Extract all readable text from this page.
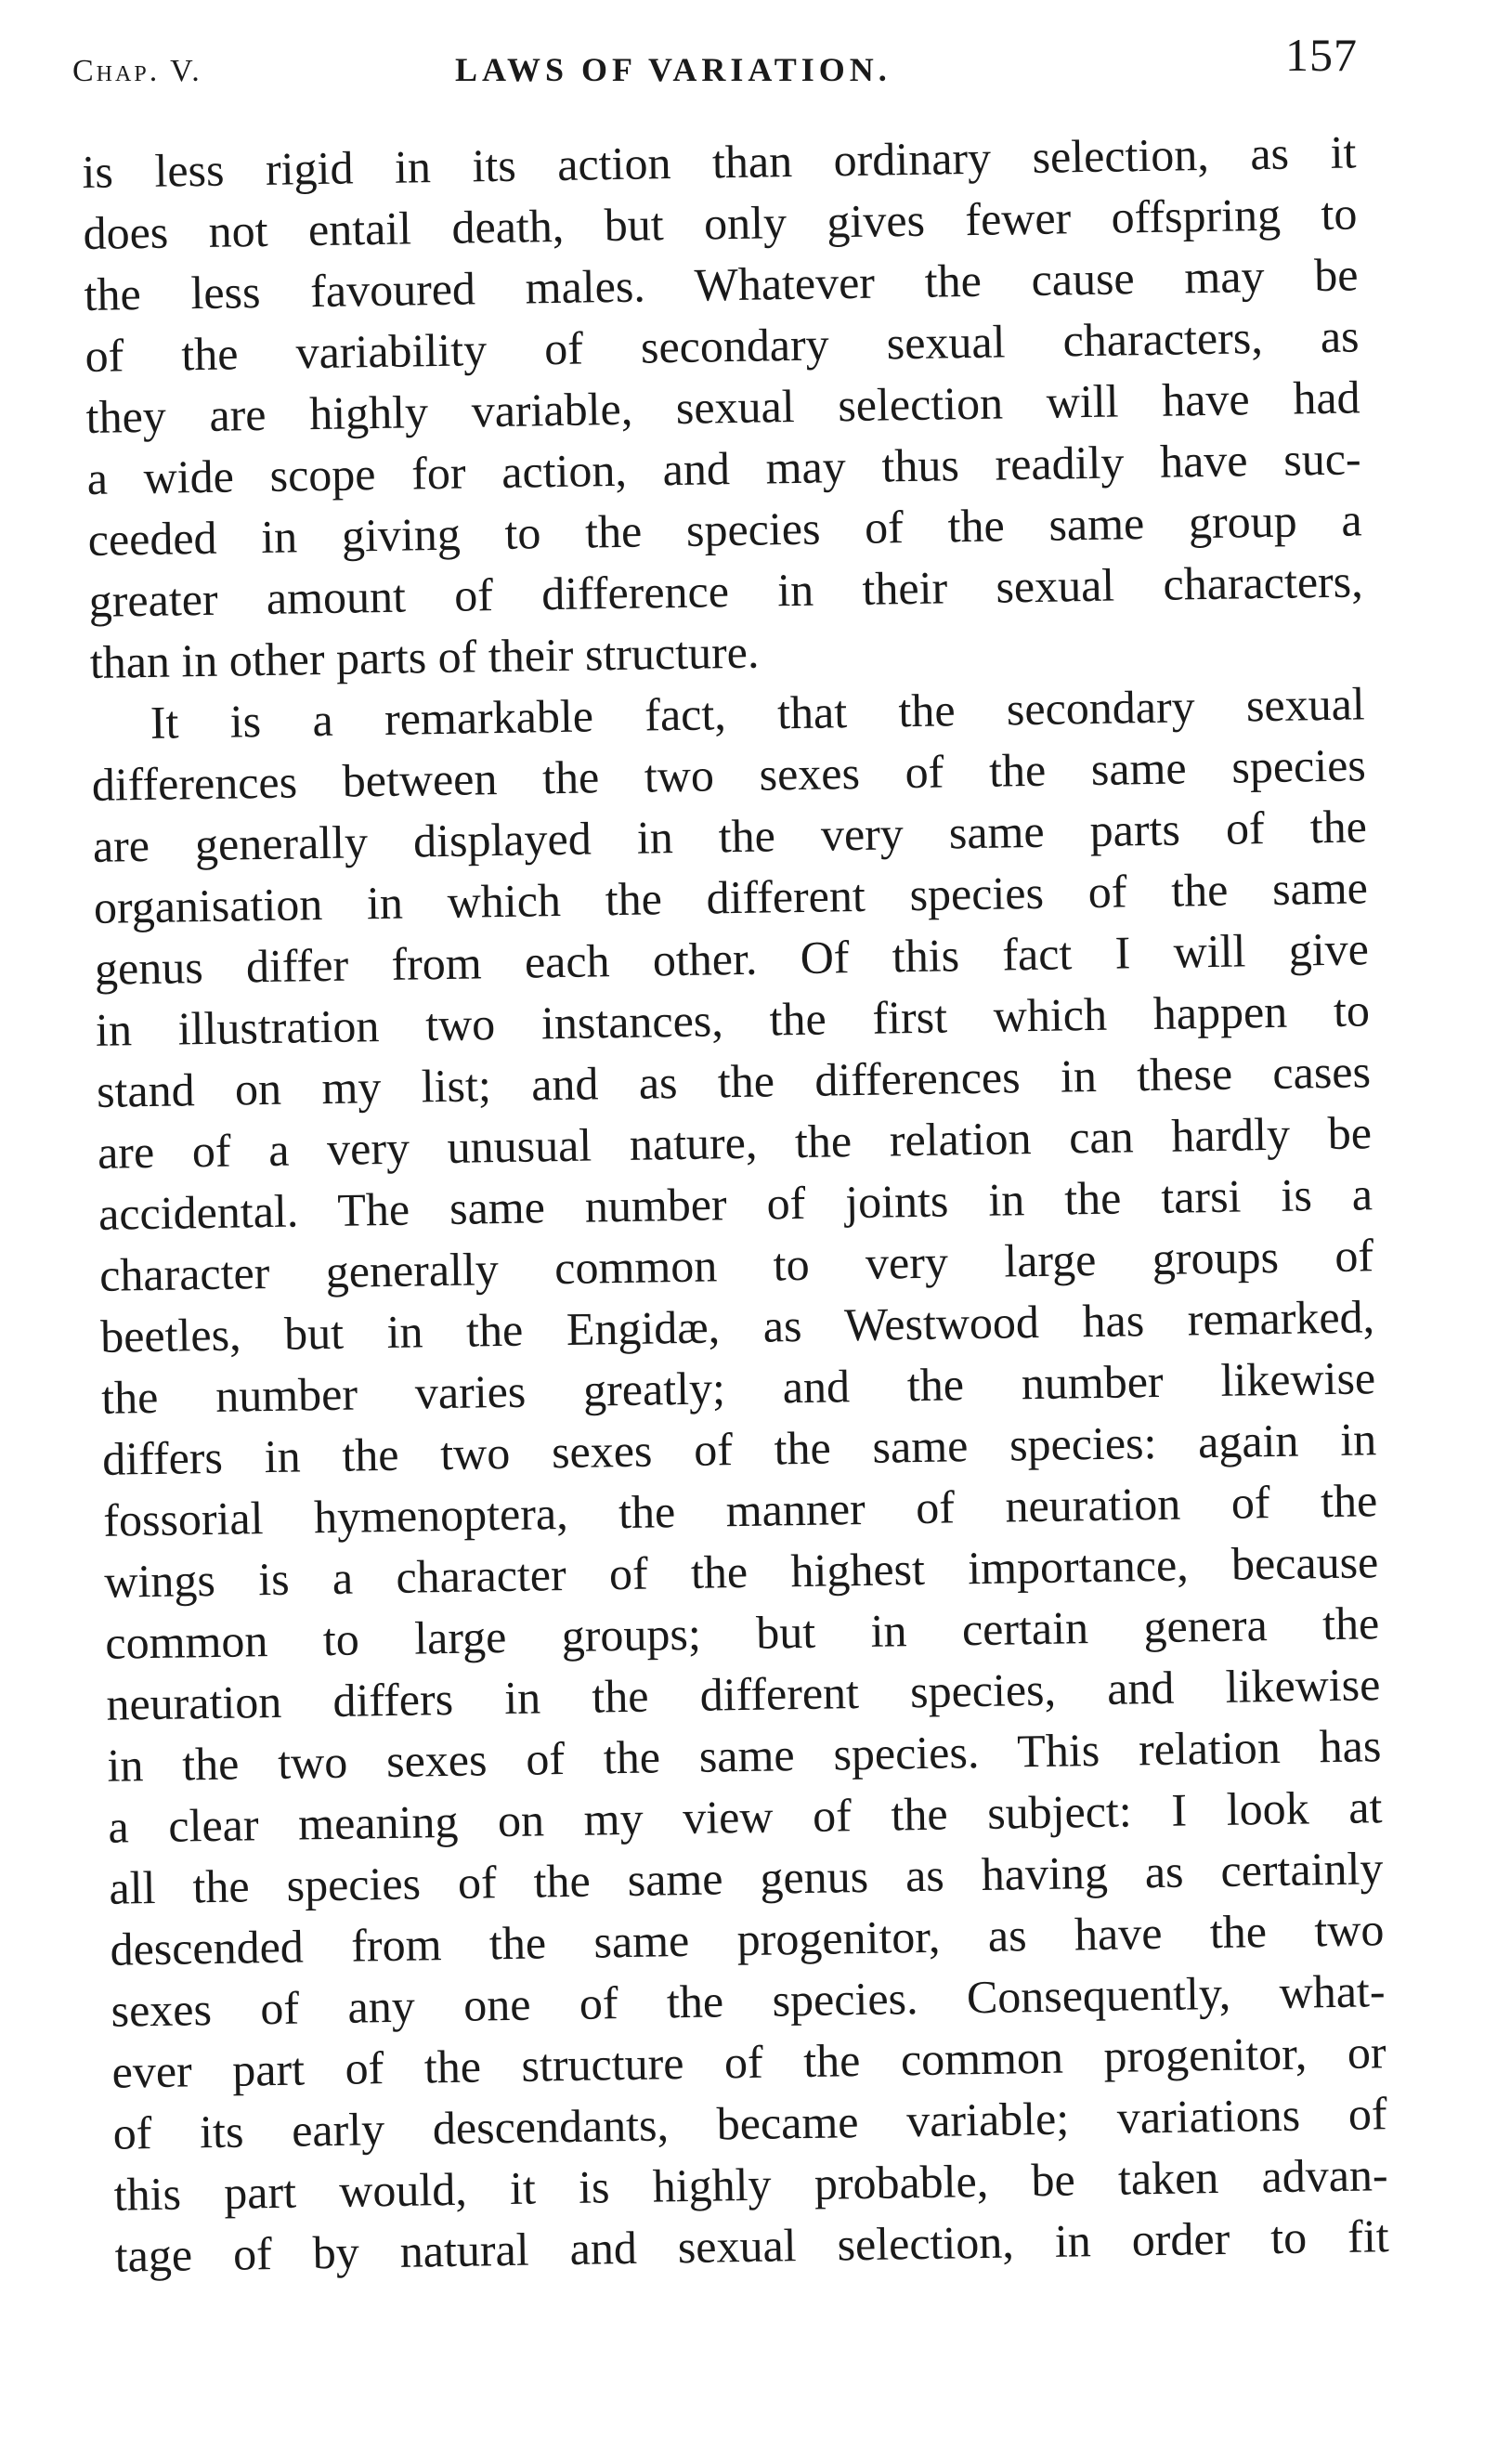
Chap. V.	LAWS OF VARIATION.	157
is less rigid in its action than ordinary selection, as it
does not entail death, but only gives fewer offspring to
the less favoured males. Whatever the cause may be
of the variability of secondary sexual characters, as
they are highly variable, sexual selection will have had
a wide scope for action, and may thus readily have suc-
ceeded in giving to the species of the same group a
greater amount of difference in their sexual characters,
than in other parts of their structure.
It is a remarkable fact, that the secondary sexual
differences between the two sexes of the same species
are generally displayed in the very same parts of the
organisation in which the different species of the same
genus differ from each other. Of this fact I will give
in illustration two instances, the first which happen to
stand on my list; and as the differences in these cases
are of a very unusual nature, the relation can hardly be
accidental. The same number of joints in the tarsi is a
character generally common to very large groups of
beetles, but in the Engidæ, as Westwood has remarked,
the number varies greatly; and the number likewise
differs in the two sexes of the same species: again in
fossorial hymenoptera, the manner of neuration of the
wings is a character of the highest importance, because
common to large groups; but in certain genera the
neuration differs in the different species, and likewise
in the two sexes of the same species. This relation has
a clear meaning on my view of the subject: I look at
all the species of the same genus as having as certainly
descended from the same progenitor, as have the two
sexes of any one of the species. Consequently, what-
ever part of the structure of the common progenitor, or
of its early descendants, became variable; variations of
this part would, it is highly probable, be taken advan-
tage of by natural and sexual selection, in order to fit
